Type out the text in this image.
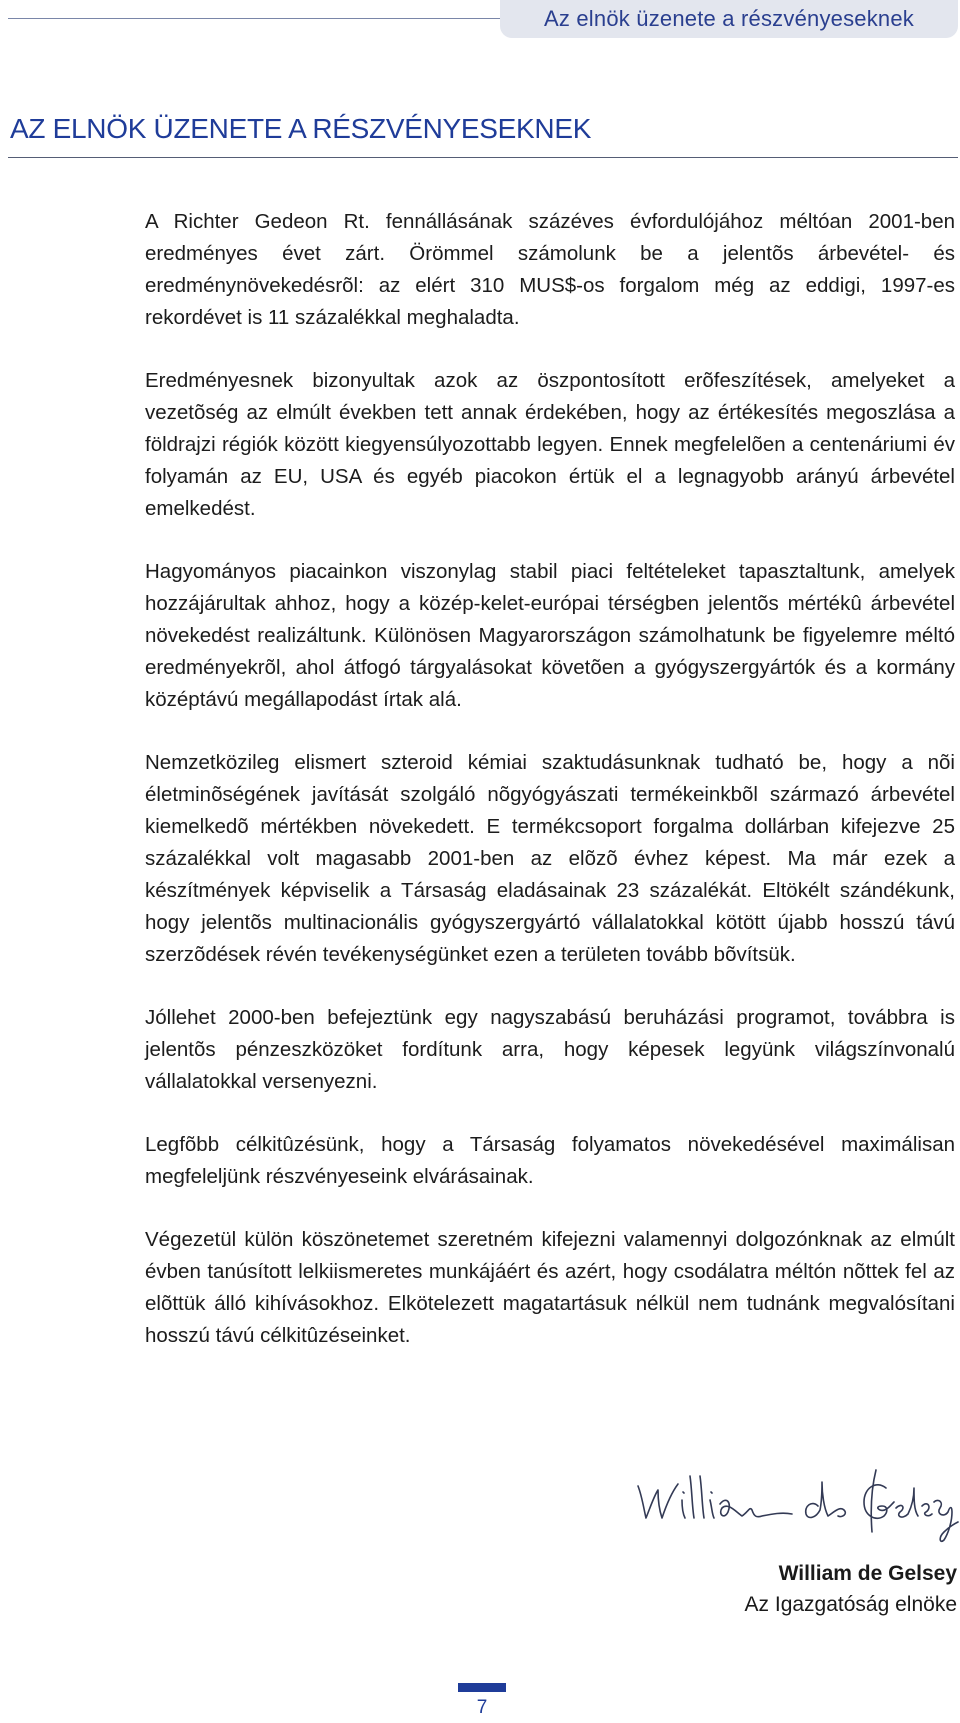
Az elnök üzenete a részvényeseknek
AZ ELNÖK ÜZENETE A RÉSZVÉNYESEKNEK

A Richter Gedeon Rt. fennállásának százéves évfordulójához méltóan 2001-ben eredményes évet zárt. Örömmel számolunk be a jelentõs árbevétel- és eredménynövekedésrõl: az elért 310 MUS$-os forgalom még az eddigi, 1997-es rekordévet is 11 százalékkal meghaladta.

Eredményesnek bizonyultak azok az öszpontosított erõfeszítések, amelyeket a vezetõség az elmúlt években tett annak érdekében, hogy az értékesítés megoszlása a földrajzi régiók között kiegyensúlyozottabb legyen. Ennek megfelelõen a centenáriumi év folyamán az EU, USA és egyéb piacokon értük el a legnagyobb arányú árbevétel emelkedést.

Hagyományos piacainkon viszonylag stabil piaci feltételeket tapasztaltunk, amelyek hozzájárultak ahhoz, hogy a közép-kelet-európai térségben jelentõs mértékû árbevétel növekedést realizáltunk. Különösen Magyarországon számolhatunk be figyelemre méltó eredményekrõl, ahol átfogó tárgyalásokat követõen a gyógyszergyártók és a kormány középtávú megállapodást írtak alá.

Nemzetközileg elismert szteroid kémiai szaktudásunknak tudható be, hogy a nõi életminõségének javítását szolgáló nõgyógyászati termékeinkbõl származó árbevétel kiemelkedõ mértékben növekedett. E termékcsoport forgalma dollárban kifejezve 25 százalékkal volt magasabb 2001-ben az elõzõ évhez képest. Ma már ezek a készítmények képviselik a Társaság eladásainak 23 százalékát. Eltökélt szándékunk, hogy jelentõs multinacionális gyógyszergyártó vállalatokkal kötött újabb hosszú távú szerzõdések révén tevékenységünket ezen a területen tovább bõvítsük.

Jóllehet 2000-ben befejeztünk egy nagyszabású beruházási programot, továbbra is jelentõs pénzeszközöket fordítunk arra, hogy képesek legyünk világszínvonalú vállalatokkal versenyezni.

Legfõbb célkitûzésünk, hogy a Társaság folyamatos növekedésével maximálisan megfeleljünk részvényeseink elvárásainak.

Végezetül külön köszönetemet szeretném kifejezni valamennyi dolgozónknak az elmúlt évben tanúsított lelkiismeretes munkájáért és azért, hogy csodálatra méltón nõttek fel az elõttük álló kihívásokhoz. Elkötelezett magatartásuk nélkül nem tudnánk megvalósítani hosszú távú célkitûzéseinket.

William de Gelsey
Az Igazgatóság elnöke
7
